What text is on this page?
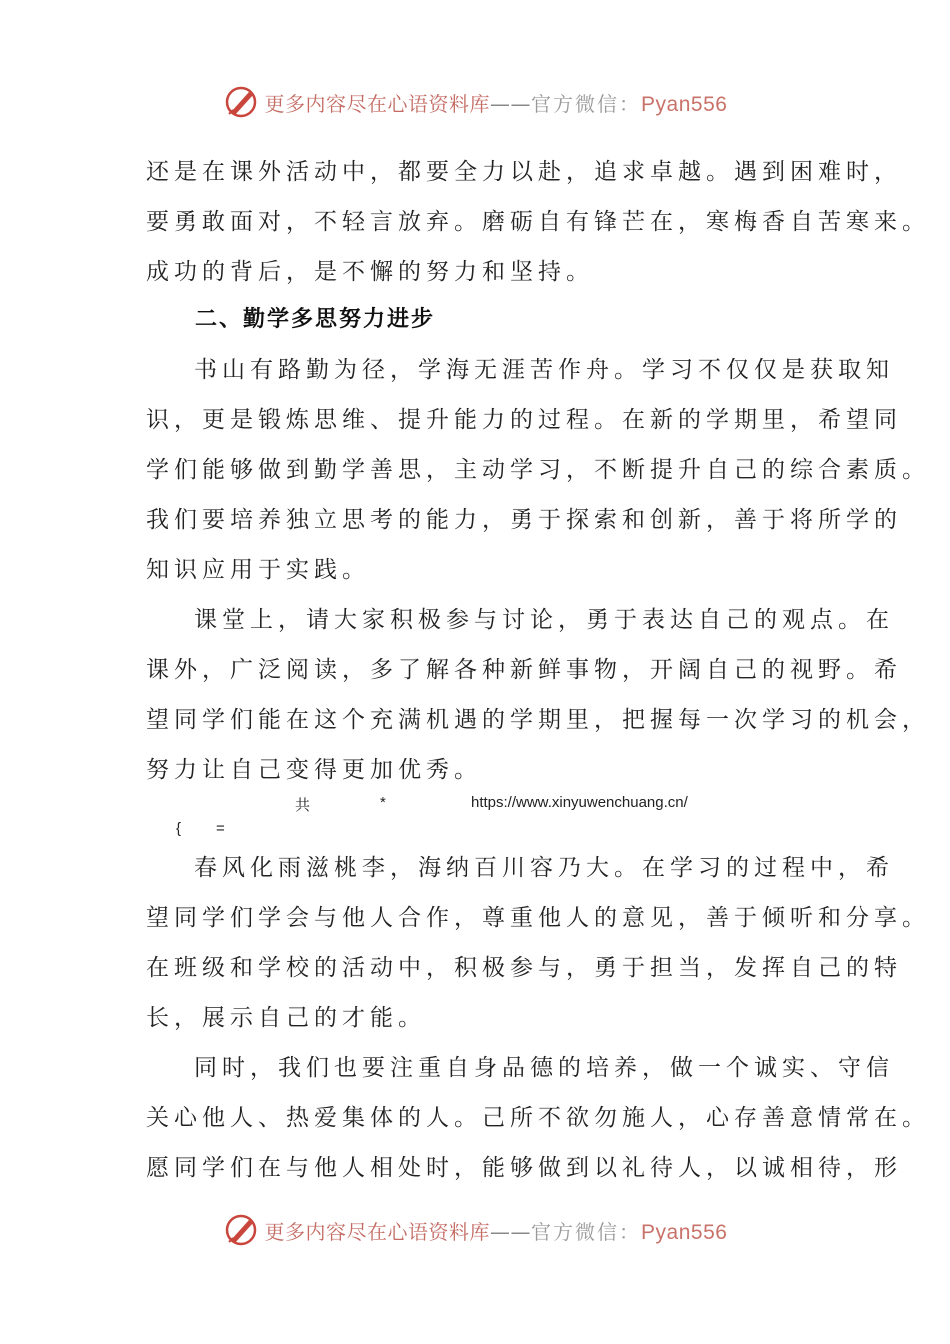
更多内容尽在心语资料库——官方微信：Pyan556

还是在课外活动中，都要全力以赴，追求卓越。遇到困难时，

要勇敢面对，不轻言放弃。磨砺自有锋芒在，寒梅香自苦寒来。

成功的背后，是不懈的努力和坚持。

二、勤学多思努力进步

书山有路勤为径，学海无涯苦作舟。学习不仅仅是获取知

识，更是锻炼思维、提升能力的过程。在新的学期里，希望同

学们能够做到勤学善思，主动学习，不断提升自己的综合素质。

我们要培养独立思考的能力，勇于探索和创新，善于将所学的

知识应用于实践。

课堂上，请大家积极参与讨论，勇于表达自己的观点。在

课外，广泛阅读，多了解各种新鲜事物，开阔自己的视野。希

望同学们能在这个充满机遇的学期里，把握每一次学习的机会，

努力让自己变得更加优秀。

共	*	https://www.xinyuwenchuang.cn/

{ =

春风化雨滋桃李，海纳百川容乃大。在学习的过程中，希

望同学们学会与他人合作，尊重他人的意见，善于倾听和分享。

在班级和学校的活动中，积极参与，勇于担当，发挥自己的特

长，展示自己的才能。

同时，我们也要注重自身品德的培养，做一个诚实、守信

关心他人、热爱集体的人。己所不欲勿施人，心存善意情常在。

愿同学们在与他人相处时，能够做到以礼待人，以诚相待，形

更多内容尽在心语资料库——官方微信：Pyan556
